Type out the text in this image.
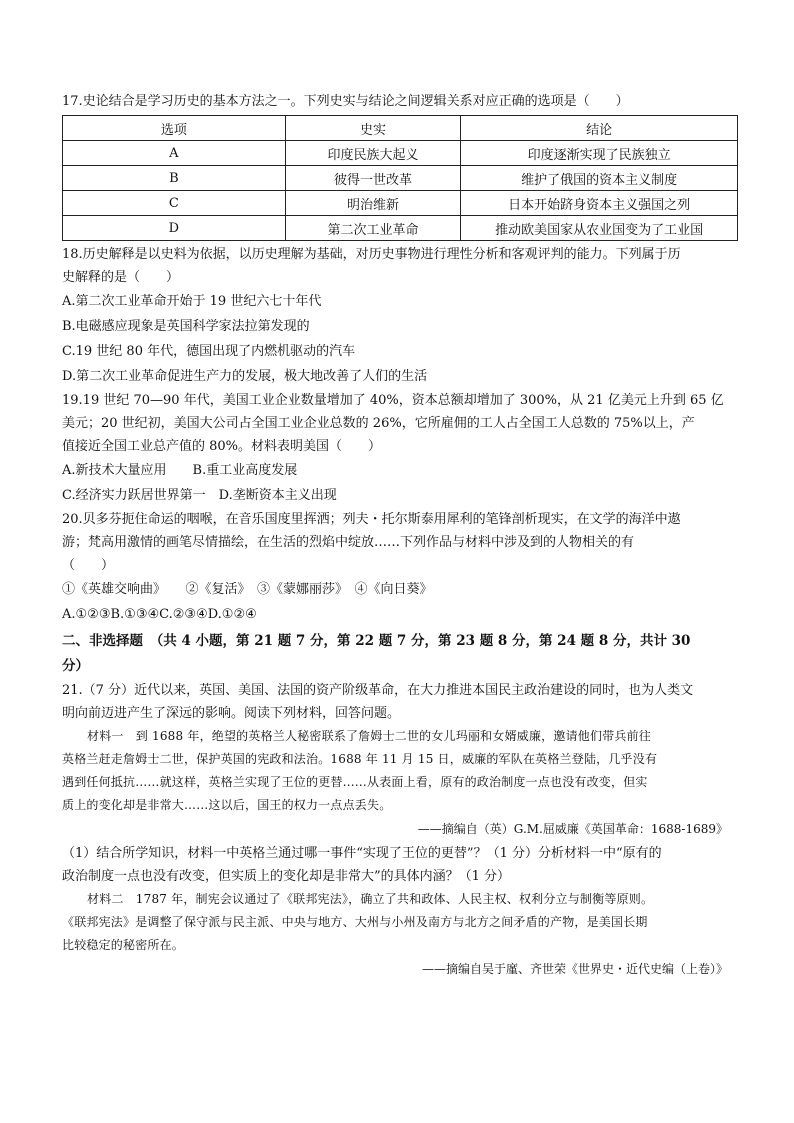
17.史论结合是学习历史的基本方法之一。下列史实与结论之间逻辑关系对应正确的选项是（　　）

选项	史实	结论
A	印度民族大起义	印度逐渐实现了民族独立
B	彼得一世改革	维护了俄国的资本主义制度
C	明治维新	日本开始跻身资本主义强国之列
D	第二次工业革命	推动欧美国家从农业国变为了工业国

18.历史解释是以史料为依据，以历史理解为基础，对历史事物进行理性分析和客观评判的能力。下列属于历

史解释的是（　　）

A.第二次工业革命开始于 19 世纪六七十年代

B.电磁感应现象是英国科学家法拉第发现的

C.19 世纪 80 年代，德国出现了内燃机驱动的汽车

D.第二次工业革命促进生产力的发展，极大地改善了人们的生活

19.19 世纪 70—90 年代，美国工业企业数量增加了 40%，资本总额却增加了 300%，从 21 亿美元上升到 65 亿

美元；20 世纪初，美国大公司占全国工业企业总数的 26%，它所雇佣的工人占全国工人总数的 75%以上，产

值接近全国工业总产值的 80%。材料表明美国（　　）

A.新技术大量应用　　B.重工业高度发展

C.经济实力跃居世界第一　D.垄断资本主义出现

20.贝多芬扼住命运的咽喉，在音乐国度里挥洒；列夫・托尔斯泰用犀利的笔锋剖析现实，在文学的海洋中遨

游；梵高用激情的画笔尽情描绘，在生活的烈焰中绽放……下列作品与材料中涉及到的人物相关的有

（　　）

①《英雄交响曲》　　②《复活》　③《蒙娜丽莎》　④《向日葵》

A.①②③B.①③④C.②③④D.①②④

二、非选择题　（共 4 小题，第 21 题 7 分，第 22 题 7 分，第 23 题 8 分，第 24 题 8 分，共计 30

分）

21.（7 分）近代以来，英国、美国、法国的资产阶级革命，在大力推进本国民主政治建设的同时，也为人类文

明向前迈进产生了深远的影响。阅读下列材料，回答问题。

材料一　到 1688 年，绝望的英格兰人秘密联系了詹姆士二世的女儿玛丽和女婿威廉，邀请他们带兵前往

英格兰赶走詹姆士二世，保护英国的宪政和法治。1688 年 11 月 15 日，威廉的军队在英格兰登陆，几乎没有

遇到任何抵抗……就这样，英格兰实现了王位的更替……从表面上看，原有的政治制度一点也没有改变，但实

质上的变化却是非常大……这以后，国王的权力一点点丢失。

——摘编自（英）G.M.屈威廉《英国革命：1688-1689》

（1）结合所学知识，材料一中英格兰通过哪一事件“实现了王位的更替”？（1 分）分析材料一中“原有的

政治制度一点也没有改变，但实质上的变化却是非常大”的具体内涵？（1 分）

材料二　1787 年，制宪会议通过了《联邦宪法》，确立了共和政体、人民主权、权利分立与制衡等原则。

《联邦宪法》是调整了保守派与民主派、中央与地方、大州与小州及南方与北方之间矛盾的产物，是美国长期

比较稳定的秘密所在。

——摘编自吴于廑、齐世荣《世界史・近代史编（上卷）》
